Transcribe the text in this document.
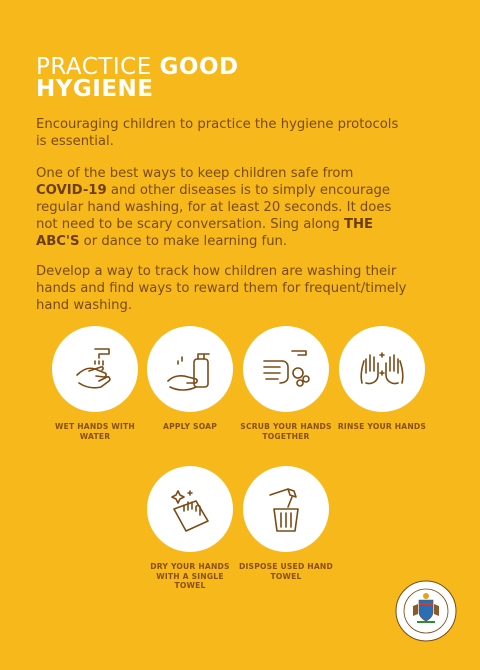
PRACTICE GOOD
HYGIENE

Encouraging children to practice the hygiene protocols is essential.

One of the best ways to keep children safe from COVID-19 and other diseases is to simply encourage regular hand washing, for at least 20 seconds. It does not need to be scary conversation. Sing along THE ABC'S or dance to make learning fun.

Develop a way to track how children are washing their hands and find ways to reward them for frequent/timely hand washing.

WET HANDS WITH WATER
APPLY SOAP	SCRUB YOUR HANDS TOGETHER
RINSE YOUR HANDS
DRY YOUR HANDS WITH A SINGLE TOWEL
DISPOSE USED HAND TOWEL
